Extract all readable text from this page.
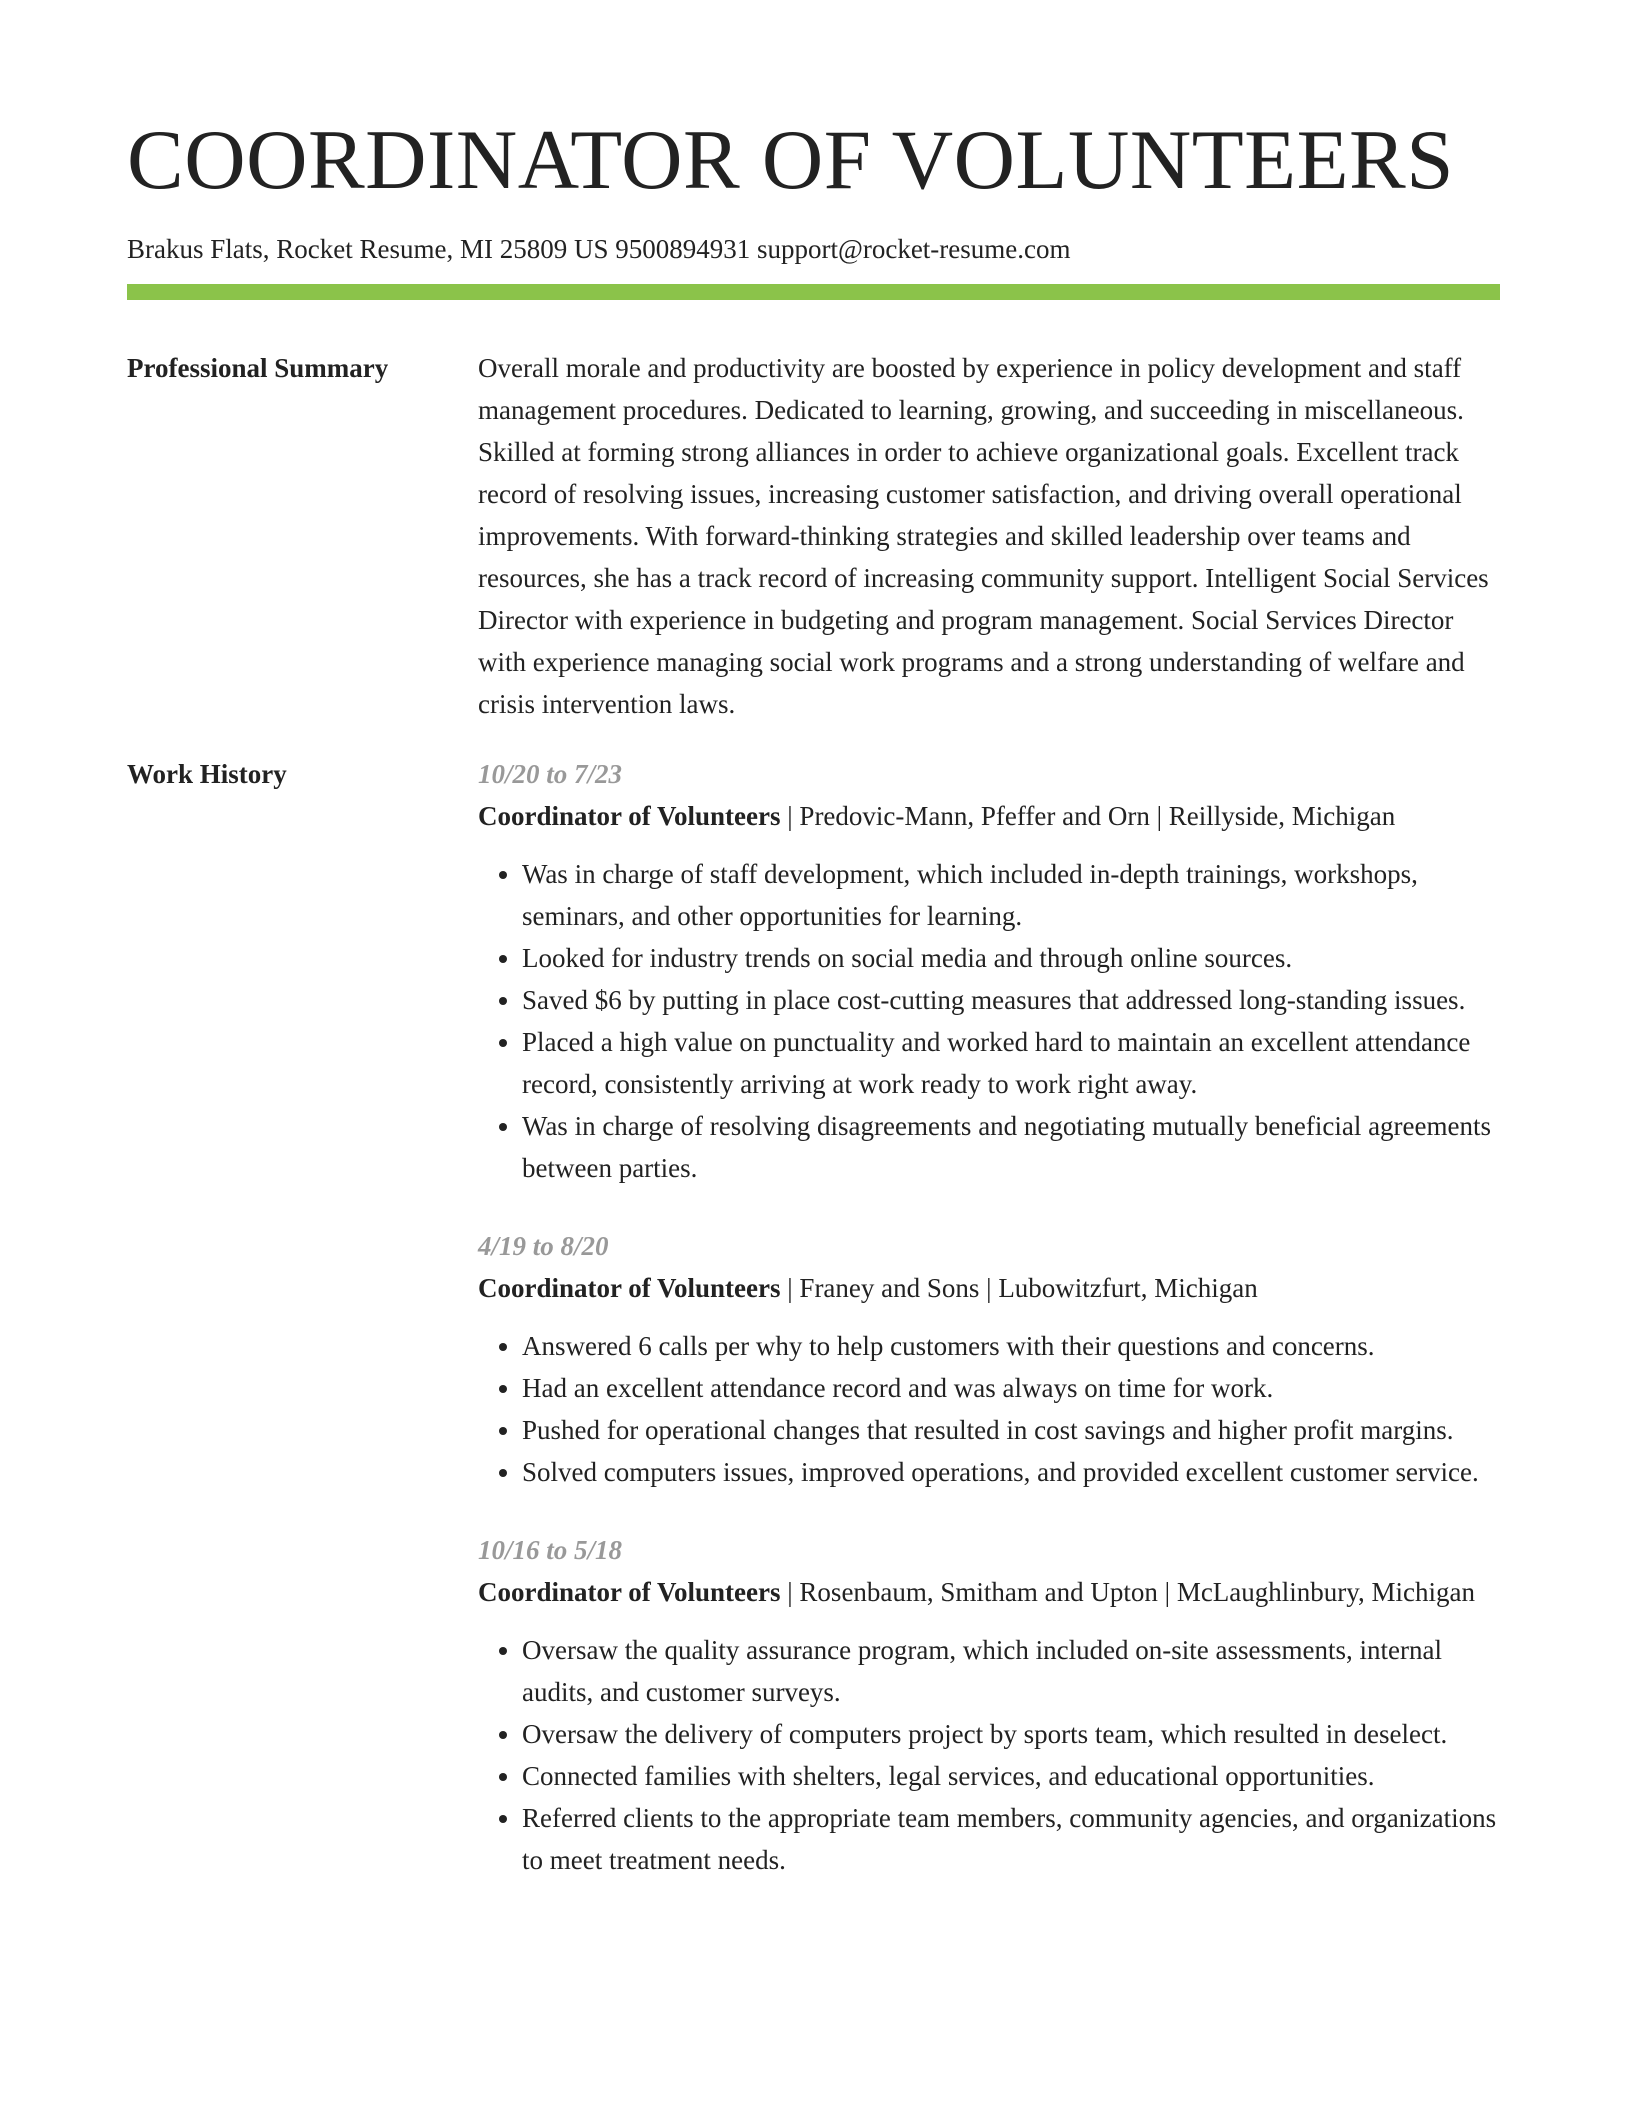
COORDINATOR OF VOLUNTEERS
Brakus Flats, Rocket Resume, MI 25809 US 9500894931 support@rocket-resume.com
Professional Summary	Overall morale and productivity are boosted by experience in policy development and staff management procedures. Dedicated to learning, growing, and succeeding in miscellaneous. Skilled at forming strong alliances in order to achieve organizational goals. Excellent track record of resolving issues, increasing customer satisfaction, and driving overall operational improvements. With forward-thinking strategies and skilled leadership over teams and resources, she has a track record of increasing community support. Intelligent Social Services Director with experience in budgeting and program management. Social Services Director with experience managing social work programs and a strong understanding of welfare and crisis intervention laws.

Work History	10/20 to 7/23
Coordinator of Volunteers | Predovic-Mann, Pfeffer and Orn | Reillyside, Michigan
• Was in charge of staff development, which included in-depth trainings, workshops, seminars, and other opportunities for learning.
• Looked for industry trends on social media and through online sources.
• Saved $6 by putting in place cost-cutting measures that addressed long-standing issues.
• Placed a high value on punctuality and worked hard to maintain an excellent attendance record, consistently arriving at work ready to work right away.
• Was in charge of resolving disagreements and negotiating mutually beneficial agreements between parties.
4/19 to 8/20
Coordinator of Volunteers | Franey and Sons | Lubowitzfurt, Michigan
• Answered 6 calls per why to help customers with their questions and concerns.
• Had an excellent attendance record and was always on time for work.
• Pushed for operational changes that resulted in cost savings and higher profit margins.
• Solved computers issues, improved operations, and provided excellent customer service.
10/16 to 5/18
Coordinator of Volunteers | Rosenbaum, Smitham and Upton | McLaughlinbury, Michigan
• Oversaw the quality assurance program, which included on-site assessments, internal audits, and customer surveys.
• Oversaw the delivery of computers project by sports team, which resulted in deselect.
• Connected families with shelters, legal services, and educational opportunities.
• Referred clients to the appropriate team members, community agencies, and organizations to meet treatment needs.
